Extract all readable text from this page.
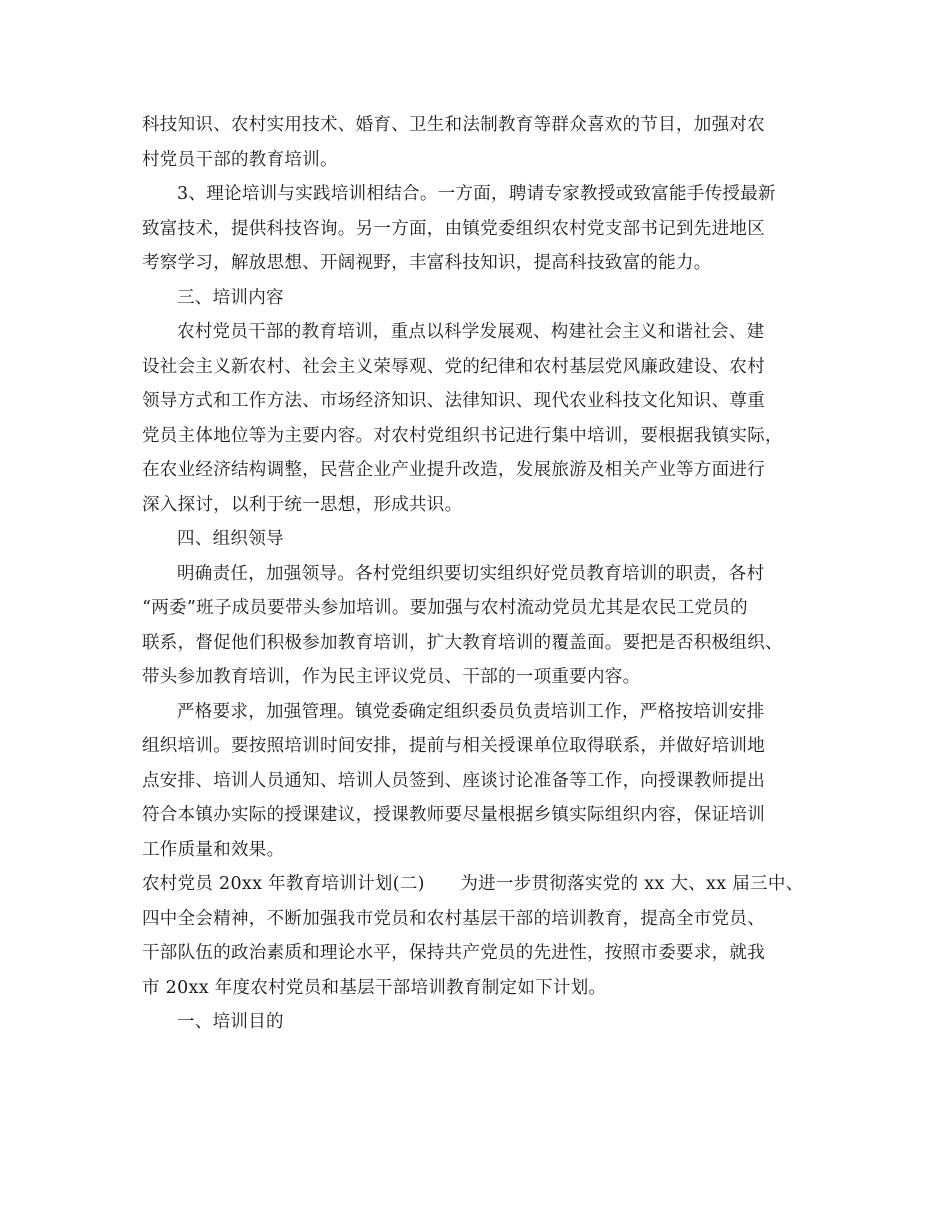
科技知识、农村实用技术、婚育、卫生和法制教育等群众喜欢的节目，加强对农
村党员干部的教育培训。
3、理论培训与实践培训相结合。一方面，聘请专家教授或致富能手传授最新
致富技术，提供科技咨询。另一方面，由镇党委组织农村党支部书记到先进地区
考察学习，解放思想、开阔视野，丰富科技知识，提高科技致富的能力。
三、培训内容
农村党员干部的教育培训，重点以科学发展观、构建社会主义和谐社会、建
设社会主义新农村、社会主义荣辱观、党的纪律和农村基层党风廉政建设、农村
领导方式和工作方法、市场经济知识、法律知识、现代农业科技文化知识、尊重
党员主体地位等为主要内容。对农村党组织书记进行集中培训，要根据我镇实际，
在农业经济结构调整，民营企业产业提升改造，发展旅游及相关产业等方面进行
深入探讨，以利于统一思想，形成共识。
四、组织领导
明确责任，加强领导。各村党组织要切实组织好党员教育培训的职责，各村
“两委”班子成员要带头参加培训。要加强与农村流动党员尤其是农民工党员的
联系，督促他们积极参加教育培训，扩大教育培训的覆盖面。要把是否积极组织、
带头参加教育培训，作为民主评议党员、干部的一项重要内容。
严格要求，加强管理。镇党委确定组织委员负责培训工作，严格按培训安排
组织培训。要按照培训时间安排，提前与相关授课单位取得联系，并做好培训地
点安排、培训人员通知、培训人员签到、座谈讨论准备等工作，向授课教师提出
符合本镇办实际的授课建议，授课教师要尽量根据乡镇实际组织内容，保证培训
工作质量和效果。
农村党员 20xx 年教育培训计划(二)　　为进一步贯彻落实党的 xx 大、xx 届三中、
四中全会精神，不断加强我市党员和农村基层干部的培训教育，提高全市党员、
干部队伍的政治素质和理论水平，保持共产党员的先进性，按照市委要求，就我
市 20xx 年度农村党员和基层干部培训教育制定如下计划。
一、培训目的
